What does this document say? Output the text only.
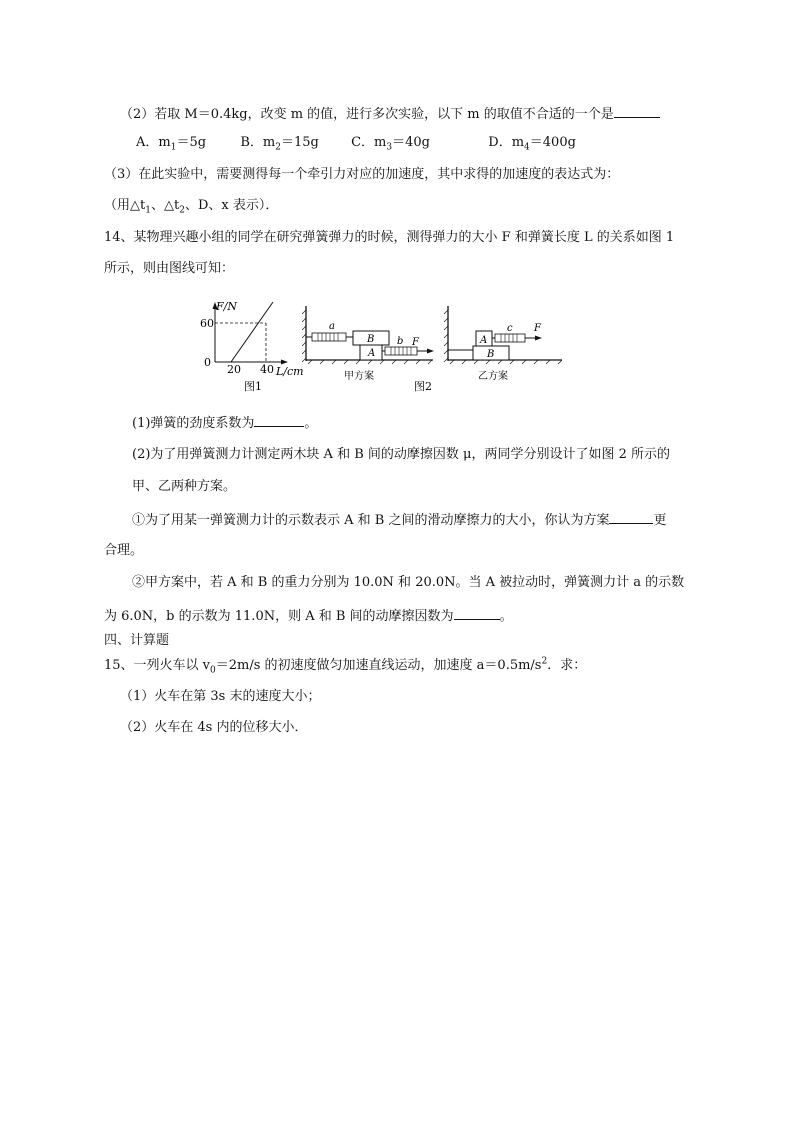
（2）若取 M＝0.4kg，改变 m 的值，进行多次实验，以下 m 的取值不合适的一个是
A．$m_1=5g$	B．$m_2=15g$ C．$m_3=40g$	D．$m_4=400g$
（3）在此实验中，需要测得每一个牵引力对应的加速度，其中求得的加速度的表达式为：
（用$\triangle t_1$、$\triangle t_2$、D、x 表示）．
14、某物理兴趣小组的同学在研究弹簧弹力的时候，测得弹力的大小 F 和弹簧长度 L 的关系如图 1
所示，则由图线可知：
F/N
60
0
20 40 L/cm
图1
a
B
A
b F
甲方案
图2
A
B
c F
乙方案
(1)弹簧的劲度系数为	。
(2)为了用弹簧测力计测定两木块 A 和 B 间的动摩擦因数 μ，两同学分别设计了如图 2 所示的
甲、乙两种方案。
①为了用某一弹簧测力计的示数表示 A 和 B 之间的滑动摩擦力的大小，你认为方案	更
合理。
②甲方案中，若 A 和 B 的重力分别为 10.0N 和 20.0N。当 A 被拉动时，弹簧测力计 a 的示数
为 6.0N，b 的示数为 11.0N，则 A 和 B 间的动摩擦因数为	。
四、计算题
15、一列火车以 $v_0=2m/s$ 的初速度做匀加速直线运动，加速度 $a=0.5m/s^2$．求：
（1）火车在第 3s 末的速度大小；
（2）火车在 4s 内的位移大小．
